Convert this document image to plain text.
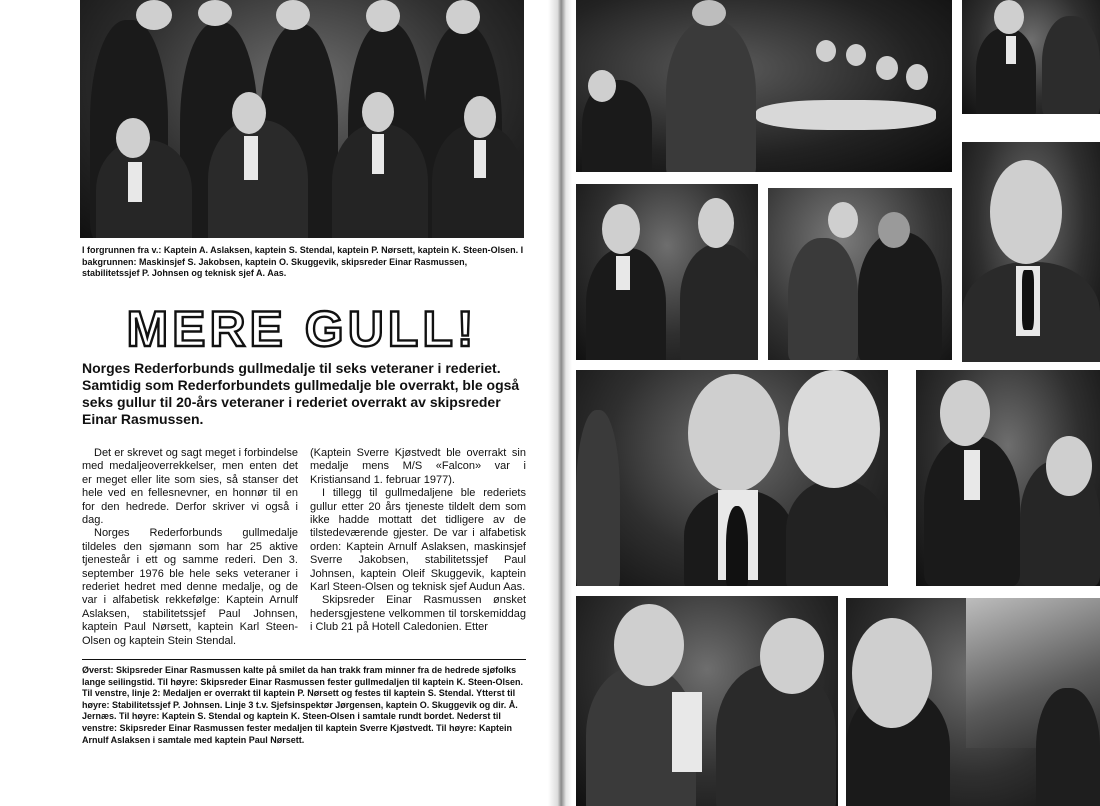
I forgrunnen fra v.: Kaptein A. Aslaksen, kaptein S. Stendal, kaptein P. Nørsett, kaptein K. Steen-Olsen. I bakgrunnen: Maskinsjef S. Jakobsen, kaptein O. Skuggevik, skipsreder Einar Rasmussen, stabilitetssjef P. Johnsen og teknisk sjef A. Aas.
MERE GULL!
Norges Rederforbunds gullmedalje til seks veteraner i rederiet. Samtidig som Rederforbundets gullmedalje ble overrakt, ble også seks gullur til 20-års veteraner i rederiet overrakt av skipsreder Einar Rasmussen.

Det er skrevet og sagt meget i forbindelse med medaljeoverrekkelser, men enten det er meget eller lite som sies, så stanser det hele ved en fellesnevner, en honnør til en for den hedrede. Derfor skriver vi også i dag.

Norges Rederforbunds gullmedalje tildeles den sjømann som har 25 aktive tjenesteår i ett og samme rederi. Den 3. september 1976 ble hele seks veteraner i rederiet hedret med denne medalje, og de var i alfabetisk rekkefølge: Kaptein Arnulf Aslaksen, stabilitetssjef Paul Johnsen, kaptein Paul Nørsett, kaptein Karl Steen-Olsen og kaptein Stein Stendal.

(Kaptein Sverre Kjøstvedt ble overrakt sin medalje mens M/S «Falcon» var i Kristiansand 1. februar 1977).

I tillegg til gullmedaljene ble rederiets gullur etter 20 års tjeneste tildelt dem som ikke hadde mottatt det tidligere av de tilstedeværende gjester. De var i alfabetisk orden: Kaptein Arnulf Aslaksen, maskinsjef Sverre Jakobsen, stabilitetssjef Paul Johnsen, kaptein Oleif Skuggevik, kaptein Karl Steen-Olsen og teknisk sjef Audun Aas.

Skipsreder Einar Rasmussen ønsket hedersgjestene velkommen til torskemiddag i Club 21 på Hotell Caledonien. Etter

Øverst: Skipsreder Einar Rasmussen kalte på smilet da han trakk fram minner fra de hedrede sjøfolks lange seilingstid. Til høyre: Skipsreder Einar Rasmussen fester gullmedaljen til kaptein K. Steen-Olsen. Til venstre, linje 2: Medaljen er overrakt til kaptein P. Nørsett og festes til kaptein S. Stendal. Ytterst til høyre: Stabilitetssjef P. Johnsen. Linje 3 t.v. Sjefsinspektør Jørgensen, kaptein O. Skuggevik og dir. Å. Jernæs. Til høyre: Kaptein S. Stendal og kaptein K. Steen-Olsen i samtale rundt bordet. Nederst til venstre: Skipsreder Einar Rasmussen fester medaljen til kaptein Sverre Kjøstvedt. Til høyre: Kaptein Arnulf Aslaksen i samtale med kaptein Paul Nørsett.
